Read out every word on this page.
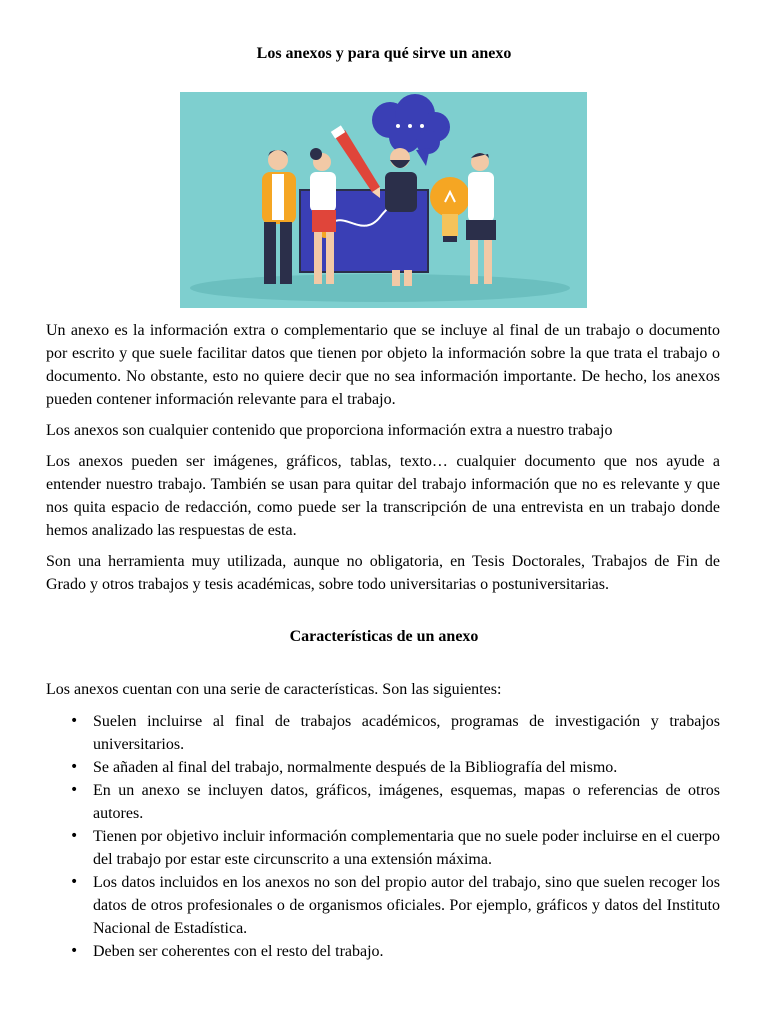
Los anexos y para qué sirve un anexo

Un anexo es la información extra o complementario que se incluye al final de un trabajo o documento por escrito y que suele facilitar datos que tienen por objeto la información sobre la que trata el trabajo o documento. No obstante, esto no quiere decir que no sea información importante. De hecho, los anexos pueden contener información relevante para el trabajo.

Los anexos son cualquier contenido que proporciona información extra a nuestro trabajo

Los anexos pueden ser imágenes, gráficos, tablas, texto… cualquier documento que nos ayude a entender nuestro trabajo. También se usan para quitar del trabajo información que no es relevante y que nos quita espacio de redacción, como puede ser la transcripción de una entrevista en un trabajo donde hemos analizado las respuestas de esta.

Son una herramienta muy utilizada, aunque no obligatoria, en Tesis Doctorales, Trabajos de Fin de Grado y otros trabajos y tesis académicas, sobre todo universitarias o postuniversitarias.

Características de un anexo
Los anexos cuentan con una serie de características. Son las siguientes:
• Suelen incluirse al final de trabajos académicos, programas de investigación y trabajos universitarios.
• Se añaden al final del trabajo, normalmente después de la Bibliografía del mismo.
• En un anexo se incluyen datos, gráficos, imágenes, esquemas, mapas o referencias de otros autores.
• Tienen por objetivo incluir información complementaria que no suele poder incluirse en el cuerpo del trabajo por estar este circunscrito a una extensión máxima.
• Los datos incluidos en los anexos no son del propio autor del trabajo, sino que suelen recoger los datos de otros profesionales o de organismos oficiales. Por ejemplo, gráficos y datos del Instituto Nacional de Estadística.
• Deben ser coherentes con el resto del trabajo.
